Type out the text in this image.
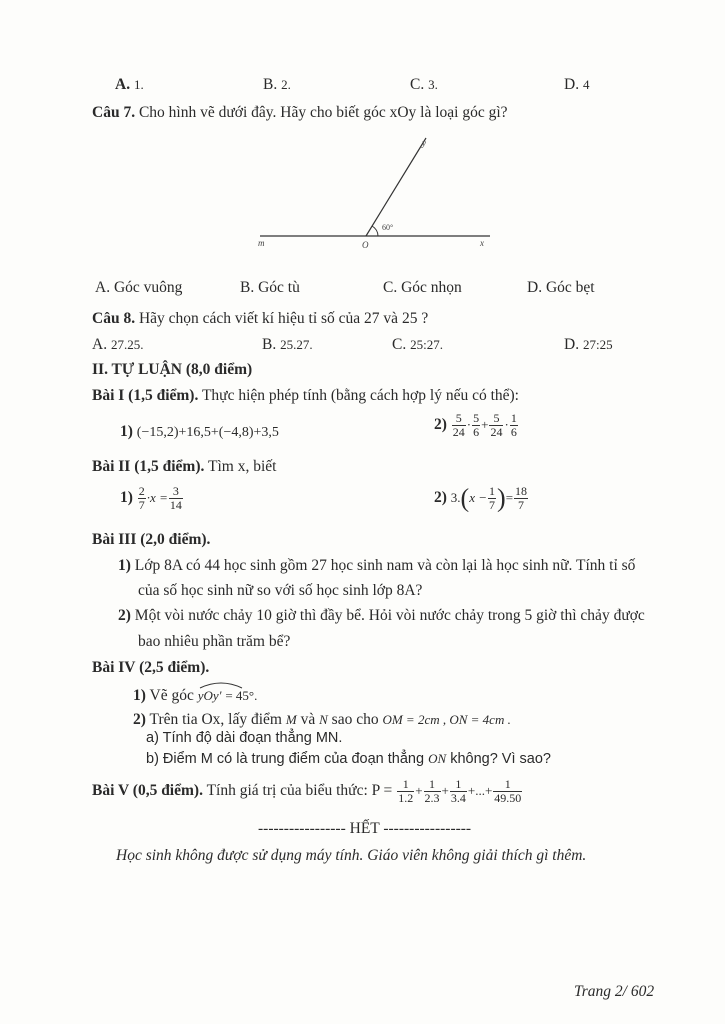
A. 1.	B. 2.	C. 3.	D. 4
Câu 7. Cho hình vẽ dưới đây. Hãy cho biết góc xOy là loại góc gì?
y
m	O	x
60°
A. Góc vuông	B. Góc tù	C. Góc nhọn	D. Góc bẹt
Câu 8. Hãy chọn cách viết kí hiệu tỉ số của 27 và 25 ?
A. 27.25.	B. 25.27.	C. 25:27.	D. 27:25
II. TỰ LUẬN (8,0 điểm)
Bài I (1,5 điểm). Thực hiện phép tính (bằng cách hợp lý nếu có thể):
1) (−15,2)+16,5+(−4,8)+3,5	$2) \frac{5}{24} \cdot \frac{5}{6} + \frac{5}{24} \cdot \frac{1}{6}$
Bài II (1,5 điểm). Tìm x, biết
$1) \frac{2}{7} \cdot x = \frac{3}{14}$	2) $3.(x - \frac{1}{7}$ )= $\frac{18}{7}$
Bài III (2,0 điểm).
1) Lớp 8A có 44 học sinh gồm 27 học sinh nam và còn lại là học sinh nữ. Tính tỉ số
của số học sinh nữ so với số học sinh lớp 8A?
2) Một vòi nước chảy 10 giờ thì đầy bể. Hỏi vòi nước chảy trong 5 giờ thì chảy được
bao nhiêu phần trăm bể?
Bài IV (2,5 điểm).
1) Vẽ góc yOy' = 45°.
2) Trên tia Ox, lấy điểm M và N sao cho OM = 2cm , ON = 4cm .
a) Tính độ dài đoạn thẳng MN.
b) Điểm M có là trung điểm của đoạn thẳng ON không? Vì sao?
Bài V (0,5 điểm). Tính giá trị của biểu thức: $P = \frac{1}{1.2} + \frac{1}{2.3} + \frac{1}{3.4}$ +...+ $\frac{1}{49.50}$
----------------- HẾT -----------------
Học sinh không được sử dụng máy tính. Giáo viên không giải thích gì thêm.
Trang 2/ 602
